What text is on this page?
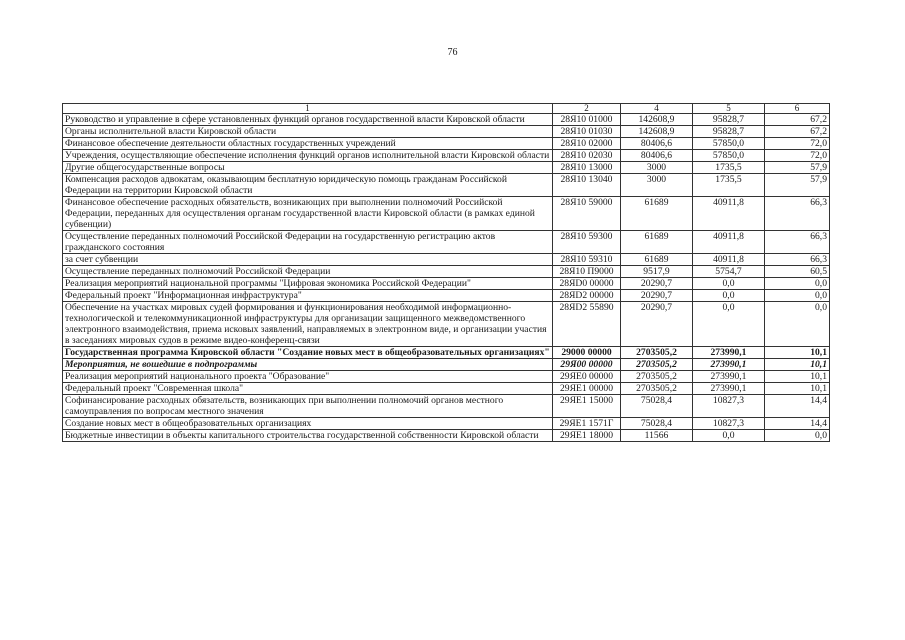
76
1	2	4	5	6
Руководство и управление в сфере установленных функций органов государственной власти Кировской области	28Я10 01000	142608,9	95828,7	67,2
Органы исполнительной власти Кировской области	28Я10 01030	142608,9	95828,7	67,2
Финансовое обеспечение деятельности областных государственных учреждений	28Я10 02000	80406,6	57850,0	72,0
Учреждения, осуществляющие обеспечение исполнения функций органов исполнительной власти Кировской области	28Я10 02030	80406,6	57850,0	72,0
Другие общегосударственные вопросы	28Я10 13000	3000	1735,5	57,9
Компенсация расходов адвокатам, оказывающим бесплатную юридическую помощь гражданам Российской Федерации на территории Кировской области	28Я10 13040	3000	1735,5	57,9
Финансовое обеспечение расходных обязательств, возникающих при выполнении полномочий Российской Федерации, переданных для осуществления органам государственной власти Кировской области (в рамках единой субвенции)	28Я10 59000	61689	40911,8	66,3
Осуществление переданных полномочий Российской Федерации на государственную регистрацию актов гражданского состояния	28Я10 59300	61689	40911,8	66,3
за счет субвенции	28Я10 59310	61689	40911,8	66,3
Осуществление переданных полномочий Российской Федерации	28Я10 П9000	9517,9	5754,7	60,5
Реализация мероприятий национальной программы "Цифровая экономика Российской Федерации"	28ЯD0 00000	20290,7	0,0	0,0
Федеральный проект "Информационная инфраструктура"	28ЯD2 00000	20290,7	0,0	0,0
Обеспечение на участках мировых судей формирования и функционирования необходимой информационно-технологической и телекоммуникационной инфраструктуры для организации защищенного межведомственного электронного взаимодействия, приема исковых заявлений, направляемых в электронном виде, и организации участия в заседаниях мировых судов в режиме видео-конференц-связи	28ЯD2 55890	20290,7	0,0	0,0
Государственная программа Кировской области "Создание новых мест в общеобразовательных организациях"	29000 00000	2703505,2	273990,1	10,1
Мероприятия, не вошедшие в подпрограммы	29Я00 00000	2703505,2	273990,1	10,1
Реализация мероприятий национального проекта "Образование"	29ЯЕ0 00000	2703505,2	273990,1	10,1
Федеральный проект "Современная школа"	29ЯЕ1 00000	2703505,2	273990,1	10,1
Софинансирование расходных обязательств, возникающих при выполнении полномочий органов местного самоуправления по вопросам местного значения	29ЯЕ1 15000	75028,4	10827,3	14,4
Создание новых мест в общеобразовательных организациях	29ЯЕ1 1571Г	75028,4	10827,3	14,4
Бюджетные инвестиции в объекты капитального строительства государственной собственности Кировской области	29ЯЕ1 18000	11566	0,0	0,0
